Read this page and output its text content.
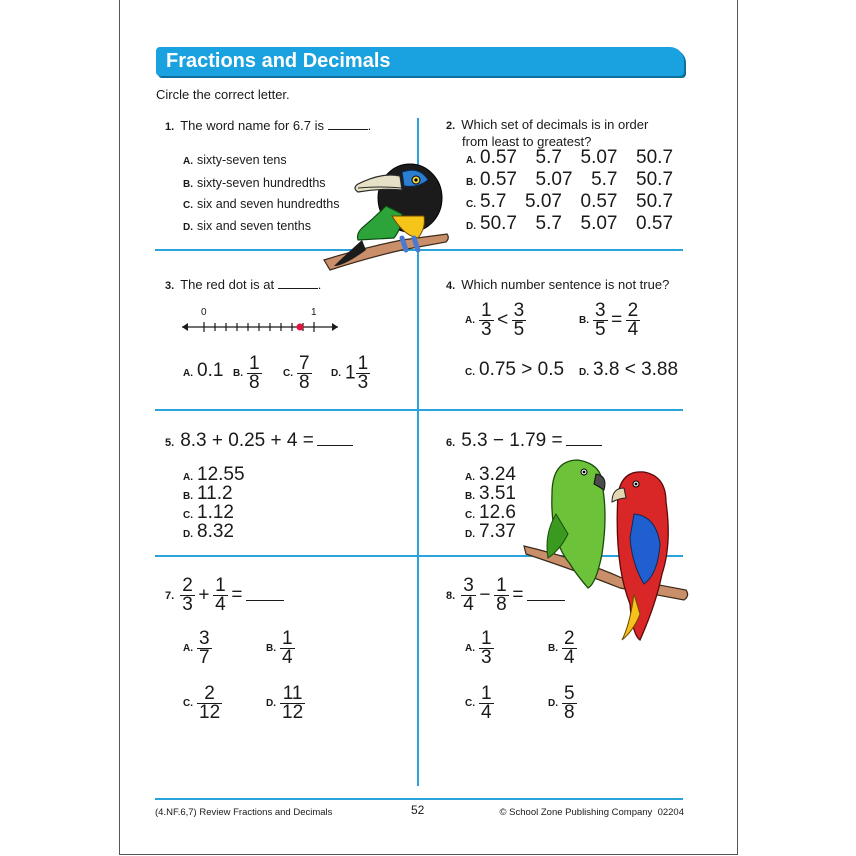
Fractions and Decimals
Circle the correct letter.
1. The word name for 6.7 is	.
A. sixty-seven tens
B. sixty-seven hundredths
C. six and seven hundredths
D. six and seven tenths
2. Which set of decimals is in order
from least to greatest?
A. 0.57  5.7  5.07  50.7
B. 0.57  5.07  5.7  50.7
C. 5.7  5.07  0.57  50.7
D. 50.7  5.7  5.07  0.57
3. The red dot is at	.
0	1
A. 0.1 B. $\frac{1}{8} C$. $\frac{7}{8} D$. $1 \frac{1}{3}$
4. Which number sentence is not true?
A. $\frac{1}{3} < \frac{3}{5}$	B. $\frac{3}{5} = \frac{2}{4}$
C. 0.75 > 0.5 D. 3.8 < 3.88
5. 8.3 + 0.25 + 4 =
A. 12.55
B. 11.2
C. 1.12
D. 8.32
6. 5.3 − 1.79 =
A. 3.24
B. 3.51
C. 12.6
D. 7.37
7. $\frac{2}{3} + \frac{1}{4}$ =
A. $\frac{3}{7}$	B. $\frac{1}{4}$
C. $\frac{2}{12}$	D. $\frac{11}{12}$
8. $\frac{3}{4} - \frac{1}{8}$ =
A. $\frac{1}{3}$	B. $\frac{2}{4}$
C. $\frac{1}{4}$	D. $\frac{5}{8}$
(4.NF.6,7) Review Fractions and Decimals	52	© School Zone Publishing Company  02204
